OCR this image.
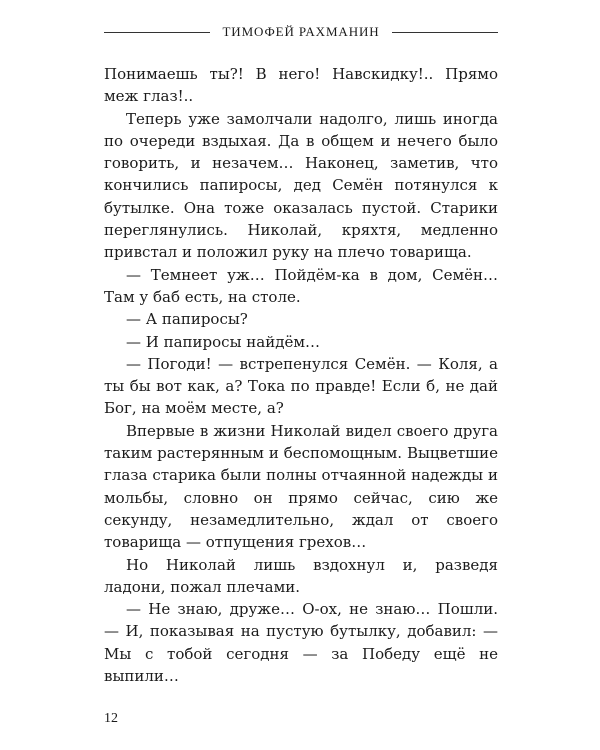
ТИМОФЕЙ РАХМАНИН

Понимаешь ты?! В него! Навскидку!.. Прямо меж глаз!..

Теперь уже замолчали надолго, лишь иногда по очереди вздыхая. Да в общем и нечего было говорить, и незачем… Наконец, заметив, что кончились папиросы, дед Семён потянулся к бутылке. Она тоже оказалась пустой. Старики переглянулись. Николай, кряхтя, медленно привстал и положил руку на плечо товарища.

— Темнеет уж… Пойдём-ка в дом, Семён… Там у баб есть, на столе.

— А папиросы?

— И папиросы найдём…

— Погоди! — встрепенулся Семён. — Коля, а ты бы вот как, а? Тока по правде! Если б, не дай Бог, на моём месте, а?

Впервые в жизни Николай видел своего друга таким растерянным и беспомощным. Выцветшие глаза старика были полны отчаянной надежды и мольбы, словно он прямо сейчас, сию же секунду, незамедлительно, ждал от своего товарища — отпущения грехов…

Но Николай лишь вздохнул и, разведя ладони, пожал плечами.

— Не знаю, друже… О-ох, не знаю… Пошли. — И, показывая на пустую бутылку, добавил: — Мы с тобой сегодня — за Победу ещё не выпили…

12
